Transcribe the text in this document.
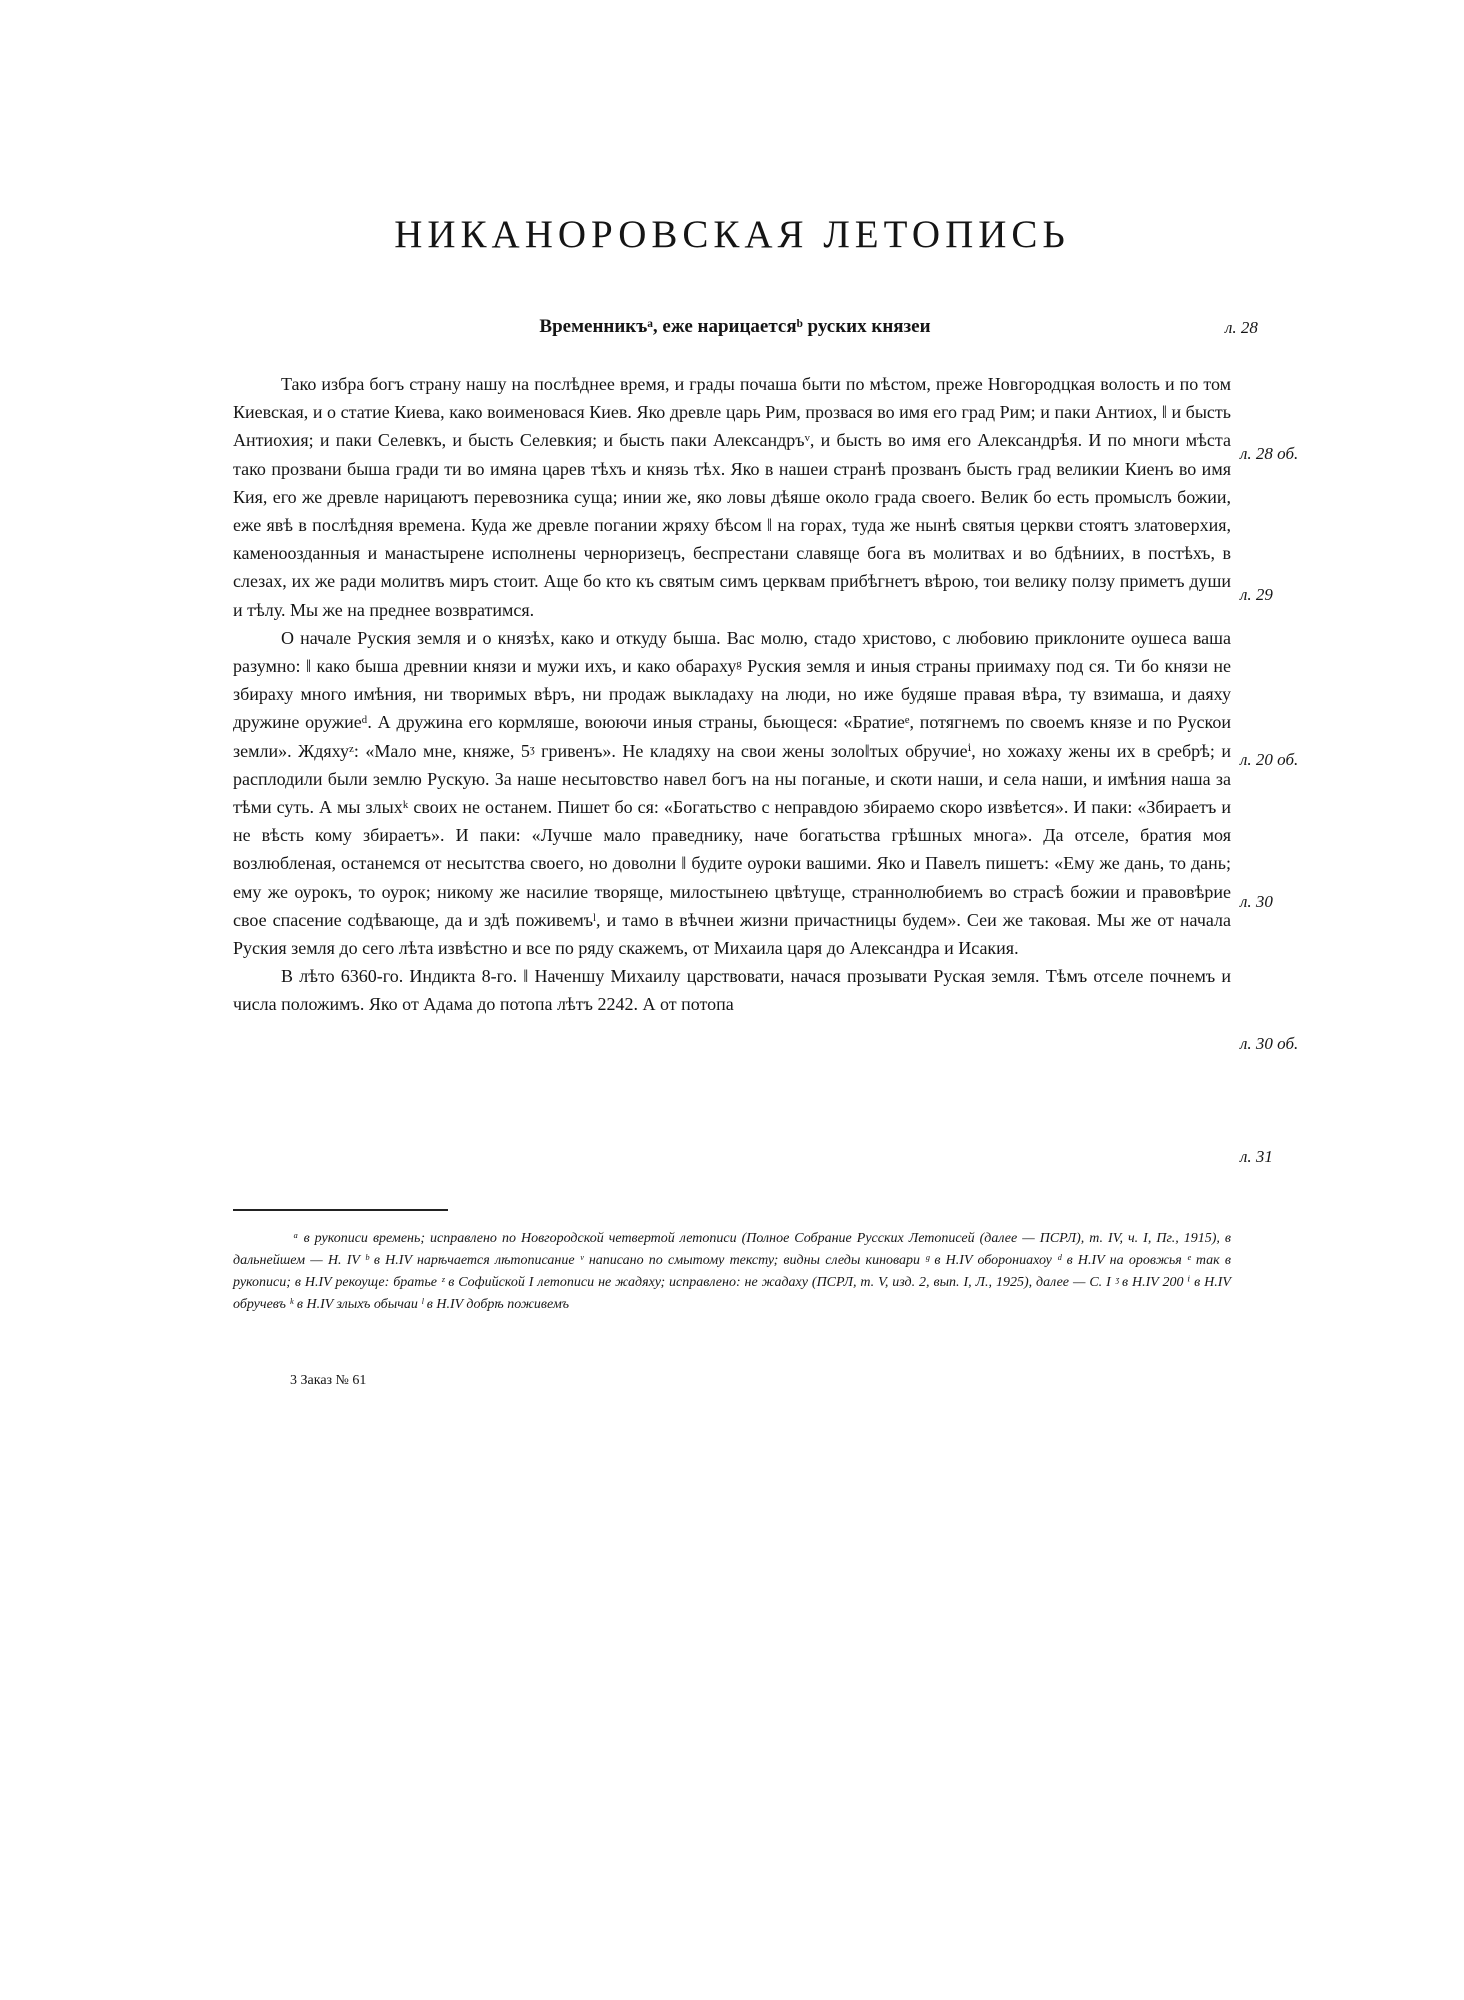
НИКАНОРОВСКАЯ ЛЕТОПИСЬ
Временникъᵃ, еже нарицаетсяᵇ руских князеи	л. 28
л. 28 об.
л. 29
л. 20 об.
л. 30
л. 30 об.
л. 31

Тако избра богъ страну нашу на послѣднее время, и грады почаша быти по мѣстом, преже Новгородцкая волость и по том Киевская, и о статие Киева, како воименовася Киев. Яко древле царь Рим, прозвася во имя его град Рим; и паки Антиох, ‖ и бысть Антиохия; и паки Селевкъ, и бысть Селевкия; и бысть паки Александръᵛ, и бысть во имя его Александрѣя. И по многи мѣста тако прозвани быша гради ти во имяна царев тѣхъ и князь тѣх. Яко в нашеи странѣ прозванъ бысть град великии Киенъ во имя Кия, его же древле нарицаютъ перевозника суща; инии же, яко ловы дѣяше около града своего. Велик бо есть промыслъ божии, еже явѣ в послѣдняя времена. Куда же древле погании жряху бѣсом ‖ на горах, туда же нынѣ святыя церкви стоятъ златоверхия, каменоозданныя и манастырене исполнены черноризецъ, беспрестани славяще бога въ молитвах и во бдѣниих, в постѣхъ, в слезах, их же ради молитвъ миръ стоит. Аще бо кто къ святым симъ церквам прибѣгнетъ вѣрою, тои велику ползу приметъ души и тѣлу. Мы же на преднее возвратимся.

О начале Руския земля и о князѣх, како и откуду быша. Вас молю, стадо христово, с любовию приклоните оушеса ваша разумно: ‖ како быша древнии князи и мужи ихъ, и како обарахуᵍ Руския земля и иныя страны приимаху под ся. Ти бо князи не збираху много имѣния, ни творимых вѣръ, ни продаж выкладаху на люди, но иже будяше правая вѣра, ту взимаша, и даяху дружине оружиеᵈ. А дружина его кормляше, воюючи иныя страны, бьющеся: «Братиеᵉ, потягнемъ по своемъ князе и по Рускои земли». Ждяхуᶻ: «Мало мне, княже, 5ᶾ гривенъ». Не кладяху на свои жены золо‖тых обручиеⁱ, но хожаху жены их в сребрѣ; и расплодили были землю Рускую. За наше несытовство навел богъ на ны поганые, и скоти наши, и села наши, и имѣния наша за тѣми суть. А мы злыхᵏ своих не останем. Пишет бо ся: «Богатьство с неправдою збираемо скоро извѣется». И паки: «Збираетъ и не вѣсть кому збираетъ». И паки: «Лучше мало праведнику, наче богатьства грѣшных многа». Да отселе, братия моя возлюбленая, останемся от несытства своего, но доволни ‖ будите оуроки вашими. Яко и Павелъ пишетъ: «Ему же дань, то дань; ему же оурокъ, то оурок; никому же насилие творяще, милостынею цвѣтуще, страннолюбиемъ во страсѣ божии и правовѣрие свое спасение содѣвающе, да и здѣ поживемъˡ, и тамо в вѣчнеи жизни причастницы будем». Сеи же таковая. Мы же от начала Руския земля до сего лѣта извѣстно и все по ряду скажемъ, от Михаила царя до Александра и Исакия.

В лѣто 6360-го. Индикта 8-го. ‖ Наченшу Михаилу царствовати, начася прозывати Руская земля. Тѣмъ отселе почнемъ и числа положимъ. Яко от Адама до потопа лѣтъ 2242. А от потопа

ᵃ в рукописи времень; исправлено по Новгородской четвертой летописи (Полное Собрание Русских Летописей (далее — ПСРЛ), т. IV, ч. I, Пг., 1915), в дальнейшем — Н. IV ᵇ в Н.IV нарѣчается лѣтописание ᵛ написано по смытому тексту; видны следы киновари ᵍ в Н.IV оборониахоу ᵈ в Н.IV на оровжья ᵉ так в рукописи; в Н.IV рекоуще: братье ᶻ в Софийской I летописи не жадяху; исправлено: не жадаху (ПСРЛ, т. V, изд. 2, вып. I, Л., 1925), далее — С. I ᶾ в Н.IV 200 ⁱ в Н.IV обручевъ ᵏ в Н.IV злыхъ обычаи ˡ в Н.IV добрѣ поживемъ

3 Заказ № 61
